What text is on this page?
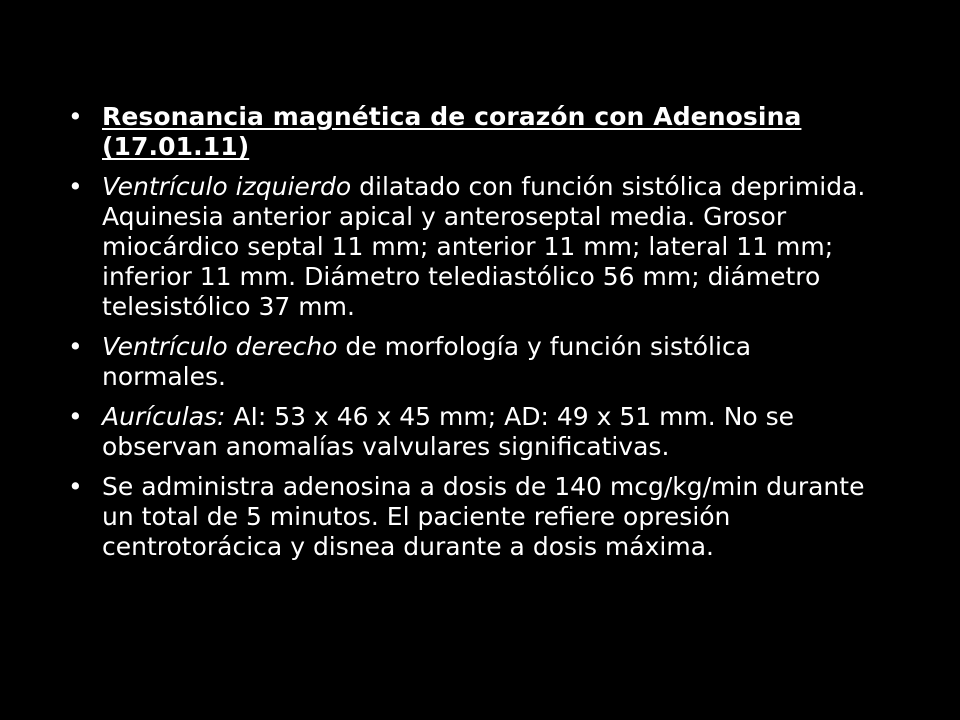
• Resonancia magnética de corazón con Adenosina (17.01.11)
• Ventrículo izquierdo dilatado con función sistólica deprimida. Aquinesia anterior apical y anteroseptal media. Grosor miocárdico septal 11 mm; anterior 11 mm; lateral 11 mm; inferior 11 mm. Diámetro telediastólico 56 mm; diámetro telesistólico 37 mm.
• Ventrículo derecho de morfología y función sistólica normales.
• Aurículas: AI: 53 x 46 x 45 mm; AD: 49 x 51 mm. No se observan anomalías valvulares significativas.
• Se administra adenosina a dosis de 140 mcg/kg/min durante un total de 5 minutos. El paciente refiere opresión centrotorácica y disnea durante a dosis máxima.
